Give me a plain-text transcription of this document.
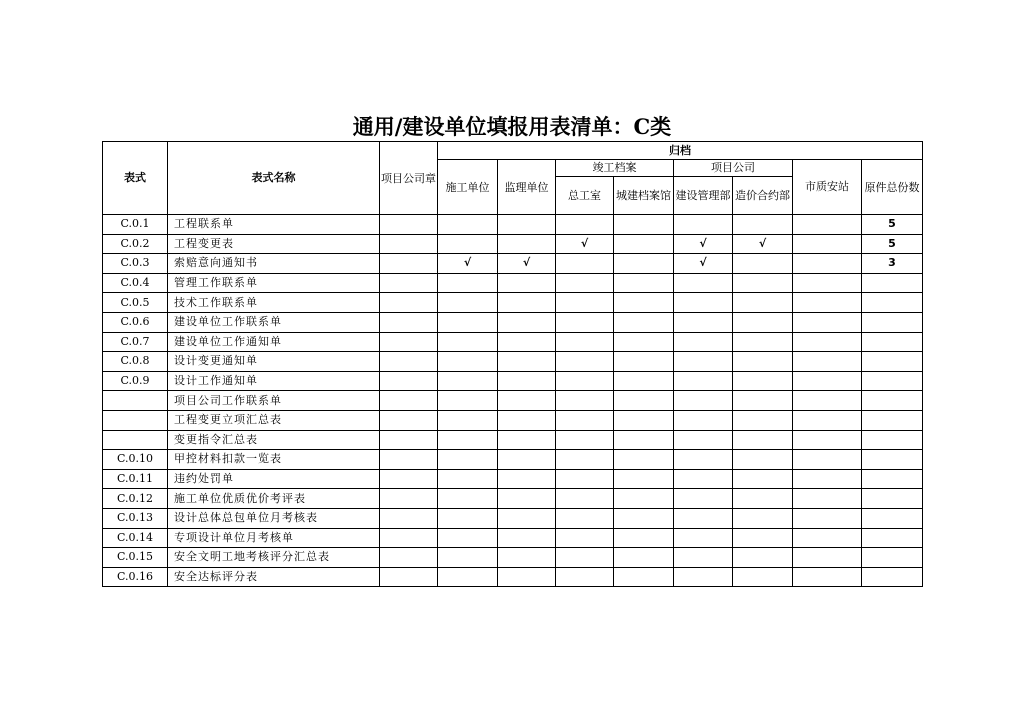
通用/建设单位填报用表清单：C类
表式	表式名称	项目公司章	归档							
			施工单位	监理单位	竣工档案		项目公司		市质安站	原件总份数
					总工室	城建档案馆	建设管理部	造价合约部		
C.0.1	工程联系单									5
C.0.2	工程变更表				√		√	√		5
C.0.3	索赔意向通知书		√	√			√			3
C.0.4	管理工作联系单									
C.0.5	技术工作联系单									
C.0.6	建设单位工作联系单									
C.0.7	建设单位工作通知单									
C.0.8	设计变更通知单									
C.0.9	设计工作通知单									
	项目公司工作联系单									
	工程变更立项汇总表									
	变更指令汇总表									
C.0.10	甲控材料扣款一览表									
C.0.11	违约处罚单									
C.0.12	施工单位优质优价考评表									
C.0.13	设计总体总包单位月考核表									
C.0.14	专项设计单位月考核单									
C.0.15	安全文明工地考核评分汇总表									
C.0.16	安全达标评分表									
